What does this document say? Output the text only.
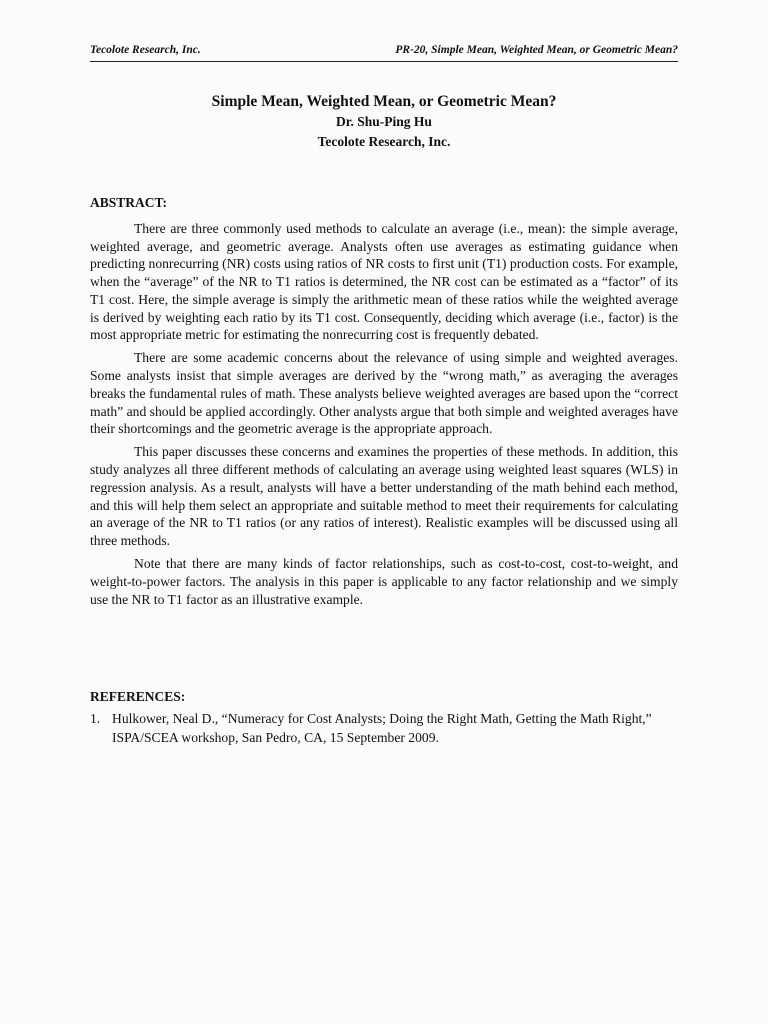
Tecolote Research, Inc.	PR-20, Simple Mean, Weighted Mean, or Geometric Mean?

Simple Mean, Weighted Mean, or Geometric Mean?

Dr. Shu-Ping Hu

Tecolote Research, Inc.

ABSTRACT:

There are three commonly used methods to calculate an average (i.e., mean): the simple average, weighted average, and geometric average. Analysts often use averages as estimating guidance when predicting nonrecurring (NR) costs using ratios of NR costs to first unit (T1) production costs. For example, when the “average” of the NR to T1 ratios is determined, the NR cost can be estimated as a “factor” of its T1 cost. Here, the simple average is simply the arithmetic mean of these ratios while the weighted average is derived by weighting each ratio by its T1 cost. Consequently, deciding which average (i.e., factor) is the most appropriate metric for estimating the nonrecurring cost is frequently debated.

There are some academic concerns about the relevance of using simple and weighted averages. Some analysts insist that simple averages are derived by the “wrong math,” as averaging the averages breaks the fundamental rules of math. These analysts believe weighted averages are based upon the “correct math” and should be applied accordingly. Other analysts argue that both simple and weighted averages have their shortcomings and the geometric average is the appropriate approach.

This paper discusses these concerns and examines the properties of these methods. In addition, this study analyzes all three different methods of calculating an average using weighted least squares (WLS) in regression analysis. As a result, analysts will have a better understanding of the math behind each method, and this will help them select an appropriate and suitable method to meet their requirements for calculating an average of the NR to T1 ratios (or any ratios of interest). Realistic examples will be discussed using all three methods.

Note that there are many kinds of factor relationships, such as cost-to-cost, cost-to-weight, and weight-to-power factors. The analysis in this paper is applicable to any factor relationship and we simply use the NR to T1 factor as an illustrative example.

REFERENCES:

1. Hulkower, Neal D., “Numeracy for Cost Analysts; Doing the Right Math, Getting the Math Right,” ISPA/SCEA workshop, San Pedro, CA, 15 September 2009.
